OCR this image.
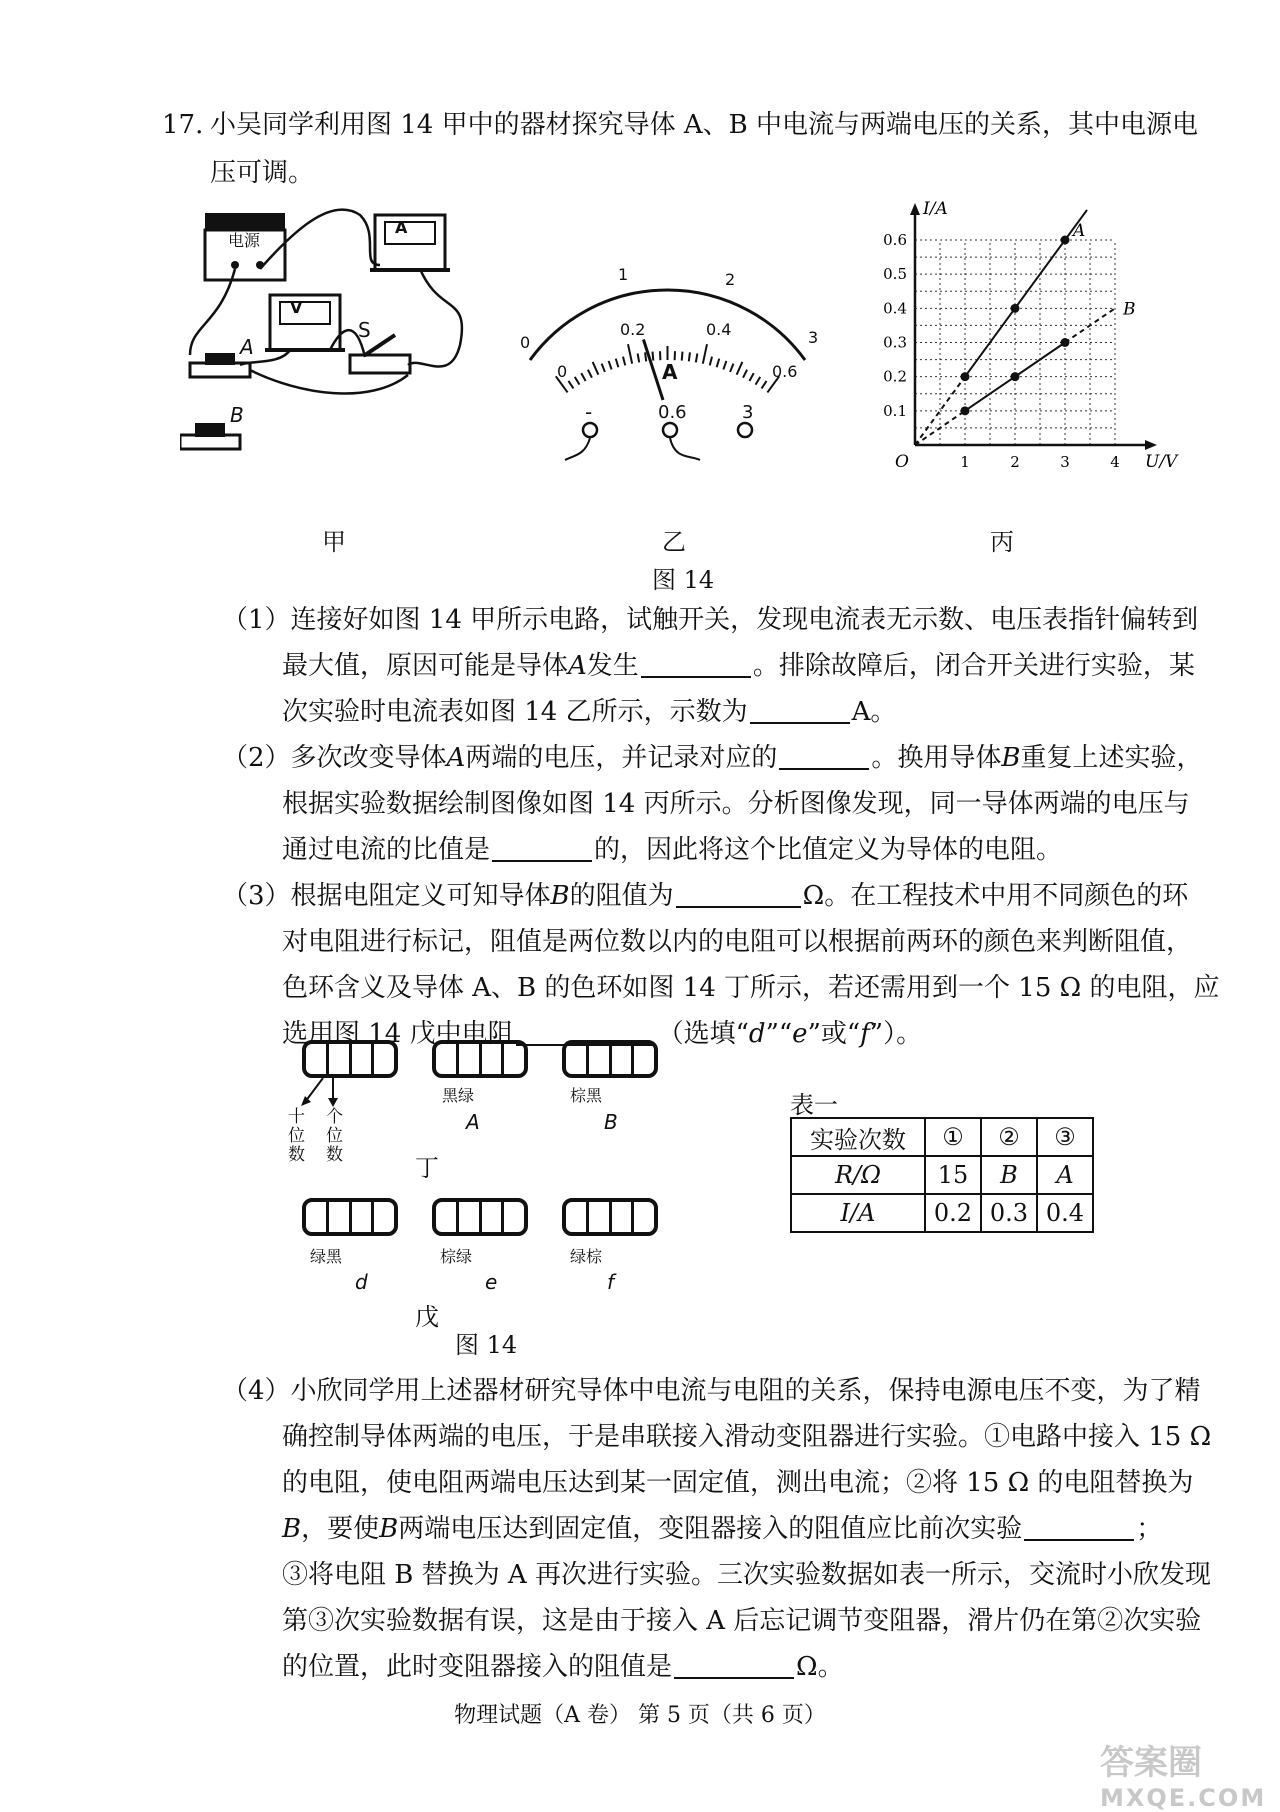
17. 小吴同学利用图 14 甲中的器材探究导体 A、B 中电流与两端电压的关系，其中电源电
压可调。
电源
A
V
A
B
S
0
1	2
3
0
0.2	0.4
0.6
A
-	0.6	3
1	2	3	4
0.1
0.2
0.3
0.4
0.5
0.6
O	U/V
I/A
A
B
甲	乙	丙
图 14
（1）连接好如图 14 甲所示电路，试触开关，发现电流表无示数、电压表指针偏转到
最大值，原因可能是导体A发生	。排除故障后，闭合开关进行实验，某
次实验时电流表如图 14 乙所示，示数为	A。
（2）多次改变导体A两端的电压，并记录对应的	。换用导体B重复上述实验，
根据实验数据绘制图像如图 14 丙所示。分析图像发现，同一导体两端的电压与
通过电流的比值是	的，因此将这个比值定义为导体的电阻。
（3）根据电阻定义可知导体B的阻值为	Ω。在工程技术中用不同颜色的环
对电阻进行标记，阻值是两位数以内的电阻可以根据前两环的颜色来判断阻值，
色环含义及导体 A、B 的色环如图 14 丁所示，若还需用到一个 15 Ω 的电阻，应
选用图 14 戊中电阻	（选填“d”“e”或“f”）。
十位数
个位数
黑绿
A
棕黑
B
丁
绿黑
d
棕绿
e
绿棕
f
戊
图 14
表一
实验次数	①	②	③
R/Ω	15	B	A
I/A	0.2	0.3	0.4
（4）小欣同学用上述器材研究导体中电流与电阻的关系，保持电源电压不变，为了精
确控制导体两端的电压，于是串联接入滑动变阻器进行实验。①电路中接入 15 Ω
的电阻，使电阻两端电压达到某一固定值，测出电流；②将 15 Ω 的电阻替换为
B，要使B两端电压达到固定值，变阻器接入的阻值应比前次实验	；
③将电阻 B 替换为 A 再次进行实验。三次实验数据如表一所示，交流时小欣发现
第③次实验数据有误，这是由于接入 A 后忘记调节变阻器，滑片仍在第②次实验
的位置，此时变阻器接入的阻值是	Ω。
物理试题（A 卷） 第 5 页（共 6 页）
答案圈
MXQE.COM
